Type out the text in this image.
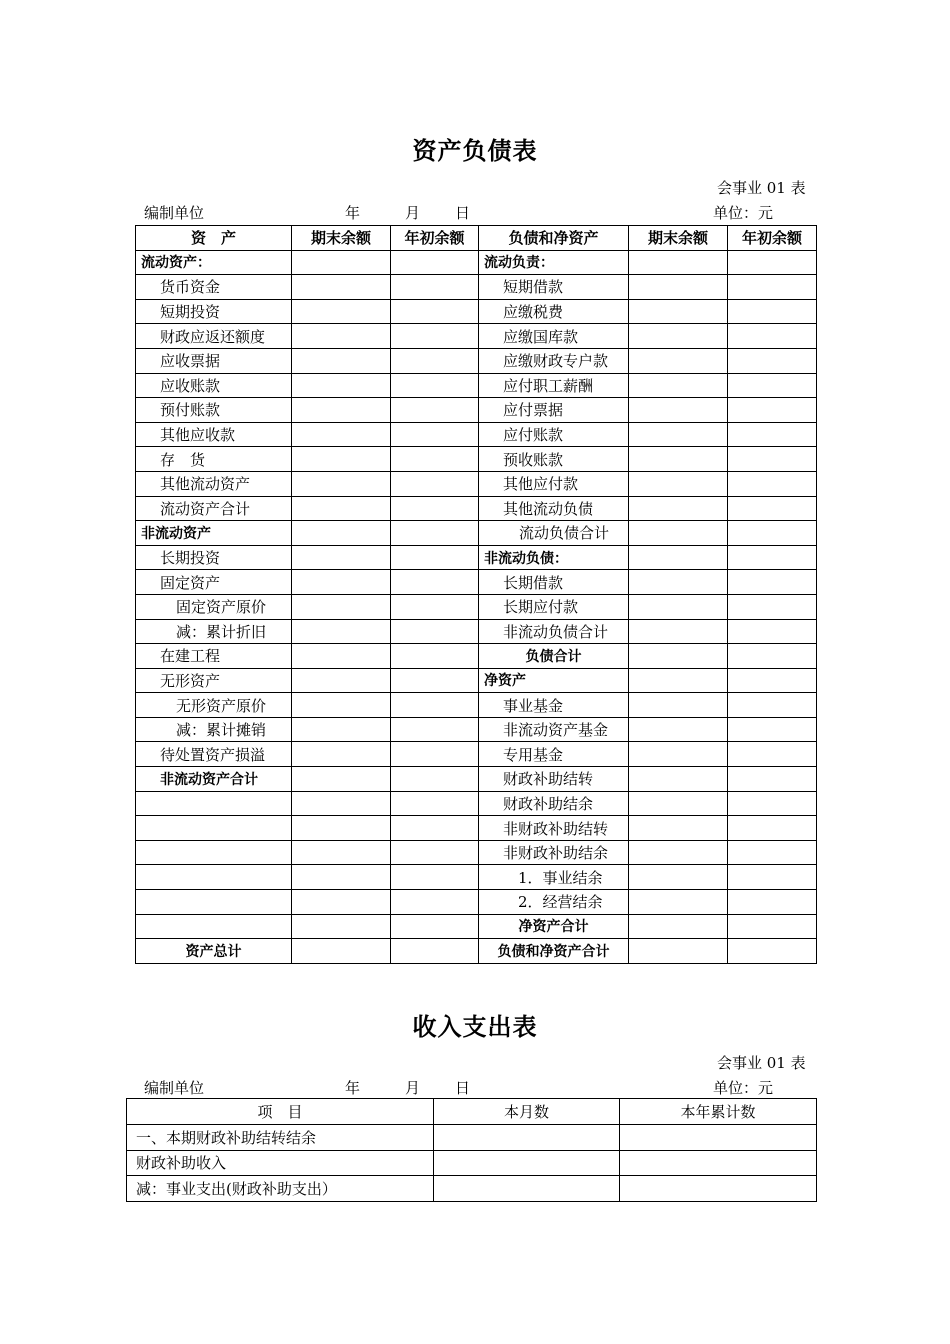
资产负债表
会事业 01 表
编制单位	年	月 日	单位：元
资　产	期末余额	年初余额	负债和净资产	期末余额	年初余额
流动资产：			流动负责：		
货币资金			短期借款		
短期投资			应缴税费		
财政应返还额度			应缴国库款		
应收票据			应缴财政专户款		
应收账款			应付职工薪酬		
预付账款			应付票据		
其他应收款			应付账款		
存　货			预收账款		
其他流动资产			其他应付款		
流动资产合计			其他流动负债		
非流动资产			流动负债合计		
长期投资			非流动负债：		
固定资产			长期借款		
固定资产原价			长期应付款		
减：累计折旧			非流动负债合计		
在建工程			负债合计		
无形资产			净资产		
无形资产原价			事业基金		
减：累计摊销			非流动资产基金		
待处置资产损溢			专用基金		
非流动资产合计			财政补助结转		
			财政补助结余		
			非财政补助结转		
			非财政补助结余		
			1．事业结余		
			2．经营结余		
			净资产合计		
资产总计			负债和净资产合计		
收入支出表
会事业 01 表
编制单位	年	月 日	单位：元
项　目	本月数	本年累计数
一、本期财政补助结转结余		
财政补助收入		
减：事业支出(财政补助支出）		
